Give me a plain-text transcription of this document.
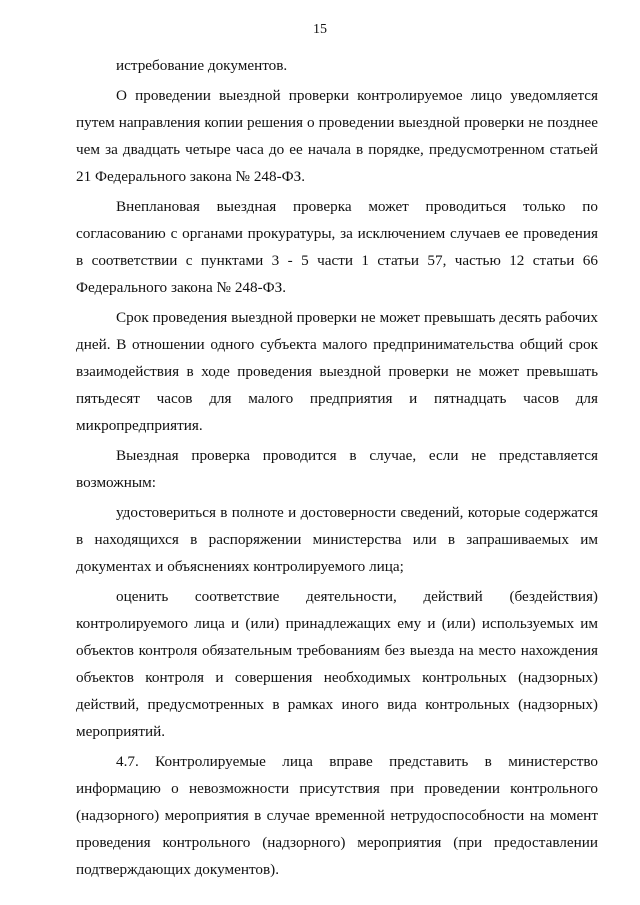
15

истребование документов.

О проведении выездной проверки контролируемое лицо уведомляется путем направления копии решения о проведении выездной проверки не позднее чем за двадцать четыре часа до ее начала в порядке, предусмотренном статьей 21 Федерального закона № 248-ФЗ.

Внеплановая выездная проверка может проводиться только по согласованию с органами прокуратуры, за исключением случаев ее проведения в соответствии с пунктами 3 - 5 части 1 статьи 57, частью 12 статьи 66 Федерального закона № 248-ФЗ.

Срок проведения выездной проверки не может превышать десять рабочих дней. В отношении одного субъекта малого предпринимательства общий срок взаимодействия в ходе проведения выездной проверки не может превышать пятьдесят часов для малого предприятия и пятнадцать часов для микропредприятия.

Выездная проверка проводится в случае, если не представляется возможным:

удостовериться в полноте и достоверности сведений, которые содержатся в находящихся в распоряжении министерства или в запрашиваемых им документах и объяснениях контролируемого лица;

оценить соответствие деятельности, действий (бездействия) контролируемого лица и (или) принадлежащих ему и (или) используемых им объектов контроля обязательным требованиям без выезда на место нахождения объектов контроля и совершения необходимых контрольных (надзорных) действий, предусмотренных в рамках иного вида контрольных (надзорных) мероприятий.

4.7. Контролируемые лица вправе представить в министерство информацию о невозможности присутствия при проведении контрольного (надзорного) мероприятия в случае временной нетрудоспособности на момент проведения контрольного (надзорного) мероприятия (при предоставлении подтверждающих документов).
